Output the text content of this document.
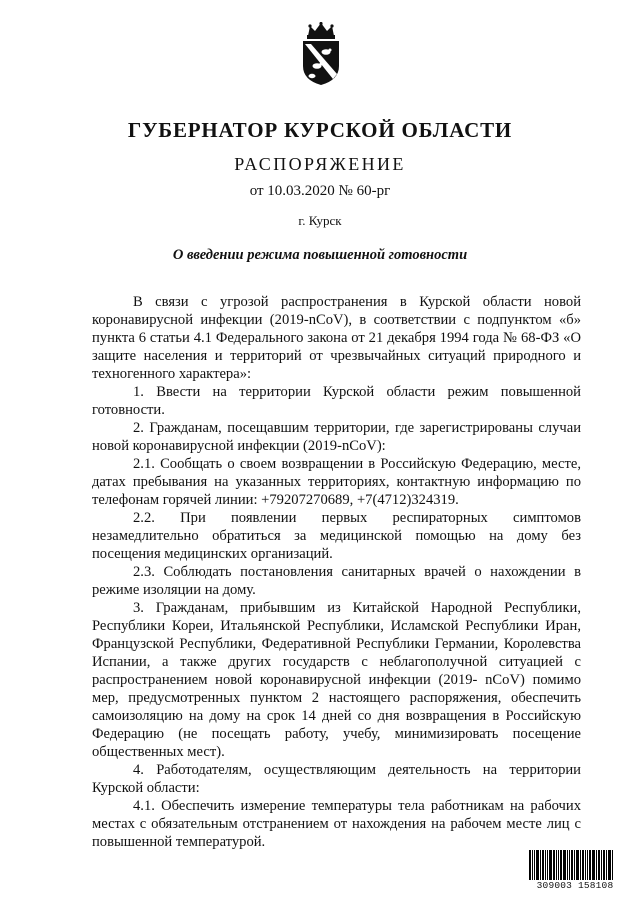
ГУБЕРНАТОР КУРСКОЙ ОБЛАСТИ
РАСПОРЯЖЕНИЕ
от 10.03.2020 № 60-рг
г. Курск
О введении режима повышенной готовности

В связи с угрозой распространения в Курской области новой коронавирусной инфекции (2019-nCoV), в соответствии с подпунктом «б» пункта 6 статьи 4.1 Федерального закона от 21 декабря 1994 года № 68-ФЗ «О защите населения и территорий от чрезвычайных ситуаций природного и техногенного характера»:

1. Ввести на территории Курской области режим повышенной готовности.

2. Гражданам, посещавшим территории, где зарегистрированы случаи новой коронавирусной инфекции (2019-nCoV):

2.1. Сообщать о своем возвращении в Российскую Федерацию, месте, датах пребывания на указанных территориях, контактную информацию по телефонам горячей линии: +79207270689, +7(4712)324319.

2.2. При появлении первых респираторных симптомов незамедлительно обратиться за медицинской помощью на дому без посещения медицинских организаций.

2.3. Соблюдать постановления санитарных врачей о нахождении в режиме изоляции на дому.

3. Гражданам, прибывшим из Китайской Народной Республики, Республики Кореи, Итальянской Республики, Исламской Республики Иран, Французской Республики, Федеративной Республики Германии, Королевства Испании, а также других государств с неблагополучной ситуацией с распространением новой коронавирусной инфекции (2019- nCoV) помимо мер, предусмотренных пунктом 2 настоящего распоряжения, обеспечить самоизоляцию на дому на срок 14 дней со дня возвращения в Российскую Федерацию (не посещать работу, учебу, минимизировать посещение общественных мест).

4. Работодателям, осуществляющим деятельность на территории Курской области:

4.1. Обеспечить измерение температуры тела работникам на рабочих местах с обязательным отстранением от нахождения на рабочем месте лиц с повышенной температурой.

309003 158108
